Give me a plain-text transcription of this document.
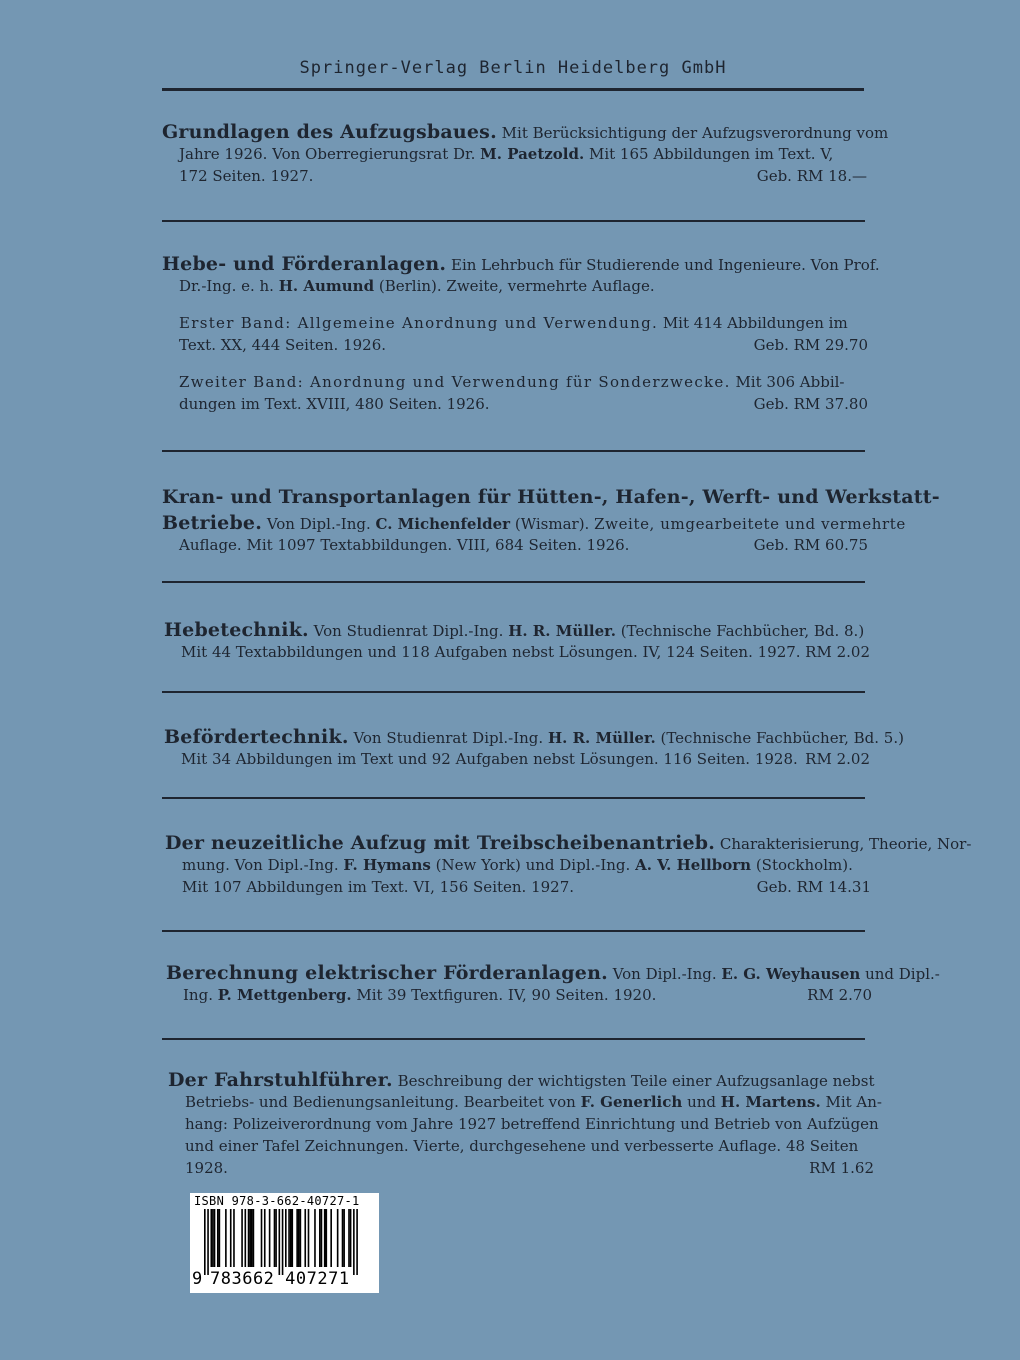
Springer-Verlag Berlin Heidelberg GmbH
Grundlagen des Aufzugsbaues. Mit Berücksichtigung der Aufzugsverordnung vom
Jahre 1926. Von Oberregierungsrat Dr. M. Paetzold. Mit 165 Abbildungen im Text. V,
172 Seiten. 1927.	Geb. RM 18.—
Hebe- und Förderanlagen. Ein Lehrbuch für Studierende und Ingenieure. Von Prof.
Dr.-Ing. e. h. H. Aumund (Berlin). Zweite, vermehrte Auflage.
Erster Band: Allgemeine Anordnung und Verwendung. Mit 414 Abbildungen im
Text. XX, 444 Seiten. 1926.	Geb. RM 29.70
Zweiter Band: Anordnung und Verwendung für Sonderzwecke. Mit 306 Abbil-
dungen im Text. XVIII, 480 Seiten. 1926.	Geb. RM 37.80
Kran- und Transportanlagen für Hütten-, Hafen-, Werft- und Werkstatt-
Betriebe. Von Dipl.-Ing. C. Michenfelder (Wismar). Zweite, umgearbeitete und vermehrte
Auflage. Mit 1097 Textabbildungen. VIII, 684 Seiten. 1926.	Geb. RM 60.75
Hebetechnik. Von Studienrat Dipl.-Ing. H. R. Müller. (Technische Fachbücher, Bd. 8.)
Mit 44 Textabbildungen und 118 Aufgaben nebst Lösungen. IV, 124 Seiten. 1927. RM 2.02
Befördertechnik. Von Studienrat Dipl.-Ing. H. R. Müller. (Technische Fachbücher, Bd. 5.)
Mit 34 Abbildungen im Text und 92 Aufgaben nebst Lösungen. 116 Seiten. 1928. RM 2.02
Der neuzeitliche Aufzug mit Treibscheibenantrieb. Charakterisierung, Theorie, Nor-
mung. Von Dipl.-Ing. F. Hymans (New York) und Dipl.-Ing. A. V. Hellborn (Stockholm).
Mit 107 Abbildungen im Text. VI, 156 Seiten. 1927.	Geb. RM 14.31
Berechnung elektrischer Förderanlagen. Von Dipl.-Ing. E. G. Weyhausen und Dipl.-
Ing. P. Mettgenberg. Mit 39 Textfiguren. IV, 90 Seiten. 1920.	RM 2.70
Der Fahrstuhlführer. Beschreibung der wichtigsten Teile einer Aufzugsanlage nebst
Betriebs- und Bedienungsanleitung. Bearbeitet von F. Generlich und H. Martens. Mit An-
hang: Polizeiverordnung vom Jahre 1927 betreffend Einrichtung und Betrieb von Aufzügen
und einer Tafel Zeichnungen. Vierte, durchgesehene und verbesserte Auflage. 48 Seiten
1928.	RM 1.62
ISBN 978-3-662-40727-1
9 783662 407271
